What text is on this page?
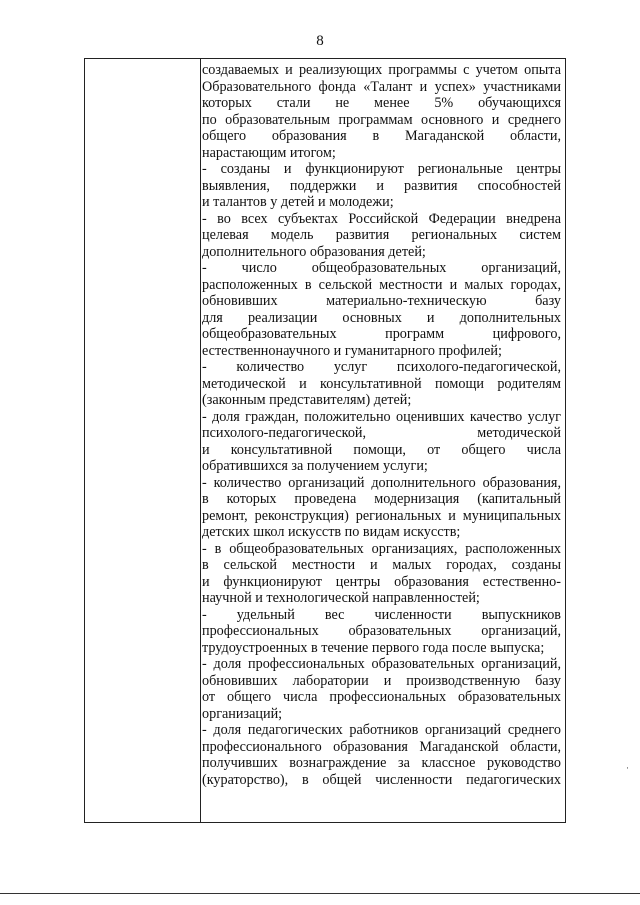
8
создаваемых и реализующих программы с учетом опыта
Образовательного фонда «Талант и успех» участниками
которых стали не менее 5% обучающихся
по образовательным программам основного и среднего
общего образования в Магаданской области,
нарастающим итогом;
- созданы и функционируют региональные центры
выявления, поддержки и развития способностей
и талантов у детей и молодежи;
- во всех субъектах Российской Федерации внедрена
целевая модель развития региональных систем
дополнительного образования детей;
- число общеобразовательных организаций,
расположенных в сельской местности и малых городах,
обновивших материально-техническую базу
для реализации основных и дополнительных
общеобразовательных программ цифрового,
естественнонаучного и гуманитарного профилей;
- количество услуг психолого-педагогической,
методической и консультативной помощи родителям
(законным представителям) детей;
- доля граждан, положительно оценивших качество услуг
психолого-педагогической, методической
и консультативной помощи, от общего числа
обратившихся за получением услуги;
- количество организаций дополнительного образования,
в которых проведена модернизация (капитальный
ремонт, реконструкция) региональных и муниципальных
детских школ искусств по видам искусств;
- в общеобразовательных организациях, расположенных
в сельской местности и малых городах, созданы
и функционируют центры образования естественно-
научной и технологической направленностей;
- удельный вес численности выпускников
профессиональных образовательных организаций,
трудоустроенных в течение первого года после выпуска;
- доля профессиональных образовательных организаций,
обновивших лаборатории и производственную базу
от общего числа профессиональных образовательных
организаций;
- доля педагогических работников организаций среднего
профессионального образования Магаданской области,
получивших вознаграждение за классное руководство
(кураторство), в общей численности педагогических
·
